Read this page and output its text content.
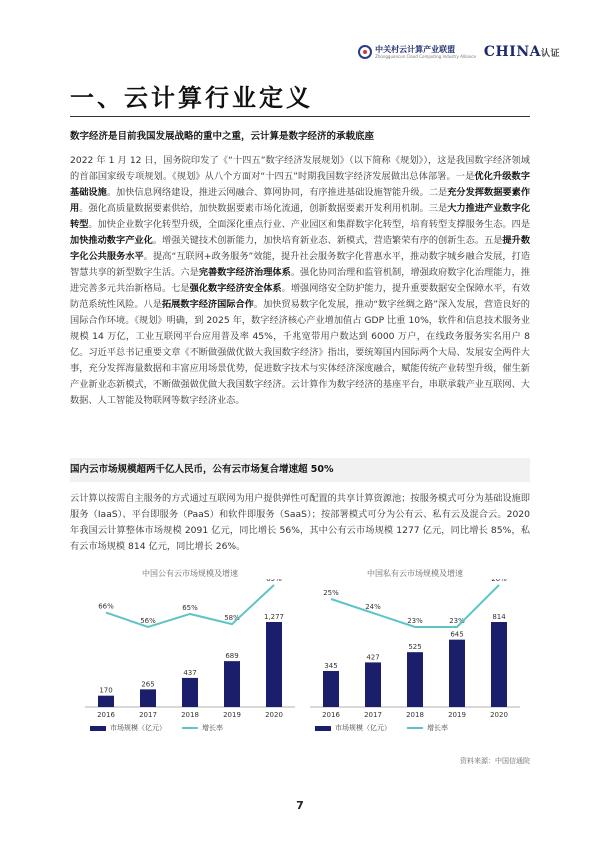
中关村云计算产业联盟
Zhongguancun Cloud Computing Industry Alliance CHINA认证
一、云计算行业定义

数字经济是目前我国发展战略的重中之重，云计算是数字经济的承载底座

2022 年 1 月 12 日，国务院印发了《“十四五”数字经济发展规划》（以下简称《规划》），这是我国数字经济领域的首部国家级专项规划。《规划》从八个方面对“十四五”时期我国数字经济发展做出总体部署。一是优化升级数字基础设施。加快信息网络建设，推进云网融合、算网协同，有序推进基础设施智能升级。二是充分发挥数据要素作用。强化高质量数据要素供给，加快数据要素市场化流通，创新数据要素开发利用机制。三是大力推进产业数字化转型。加快企业数字化转型升级，全面深化重点行业、产业园区和集群数字化转型，培育转型支撑服务生态。四是加快推动数字产业化。增强关键技术创新能力，加快培育新业态、新模式，营造繁荣有序的创新生态。五是提升数字化公共服务水平。提高“互联网+政务服务”效能，提升社会服务数字化普惠水平，推动数字城乡融合发展，打造智慧共享的新型数字生活。六是完善数字经济治理体系。强化协同治理和监管机制，增强政府数字化治理能力，推进完善多元共治新格局。七是强化数字经济安全体系。增强网络安全防护能力，提升重要数据安全保障水平，有效防范系统性风险。八是拓展数字经济国际合作。加快贸易数字化发展，推动“数字丝绸之路”深入发展，营造良好的国际合作环境。《规划》明确，到 2025 年，数字经济核心产业增加值占 GDP 比重 10%，软件和信息技术服务业规模 14 万亿，工业互联网平台应用普及率 45%，千兆宽带用户数达到 6000 万户，在线政务服务实名用户 8 亿。习近平总书记重要文章《不断做强做优做大我国数字经济》指出，要统筹国内国际两个大局、发展安全两件大事，充分发挥海量数据和丰富应用场景优势，促进数字技术与实体经济深度融合，赋能传统产业转型升级，催生新产业新业态新模式，不断做强做优做大我国数字经济。云计算作为数字经济的基座平台，串联承载产业互联网、大数据、人工智能及物联网等数字经济业态。

国内云市场规模超两千亿人民币，公有云市场复合增速超 50%

云计算以按需自主服务的方式通过互联网为用户提供弹性可配置的共享计算资源池；按服务模式可分为基础设施即服务（IaaS）、平台即服务（PaaS）和软件即服务（SaaS）；按部署模式可分为公有云、私有云及混合云。2020 年我国云计算整体市场规模 2091 亿元，同比增长 56%，其中公有云市场规模 1277 亿元，同比增长 85%，私有云市场规模 814 亿元，同比增长 26%。

中国公有云市场规模及增速

170
2016
66%
265
2017
56%
437
2018
65%
689
2019
58%	1,277
2020
85%
市场规模（亿元）	增长率

中国私有云市场规模及增速

345
2016
25%
427
2017
24%
525
2018
23%
645
2019
23%	814
2020
26%
市场规模（亿元）	增长率
资料来源：中国信通院
7
